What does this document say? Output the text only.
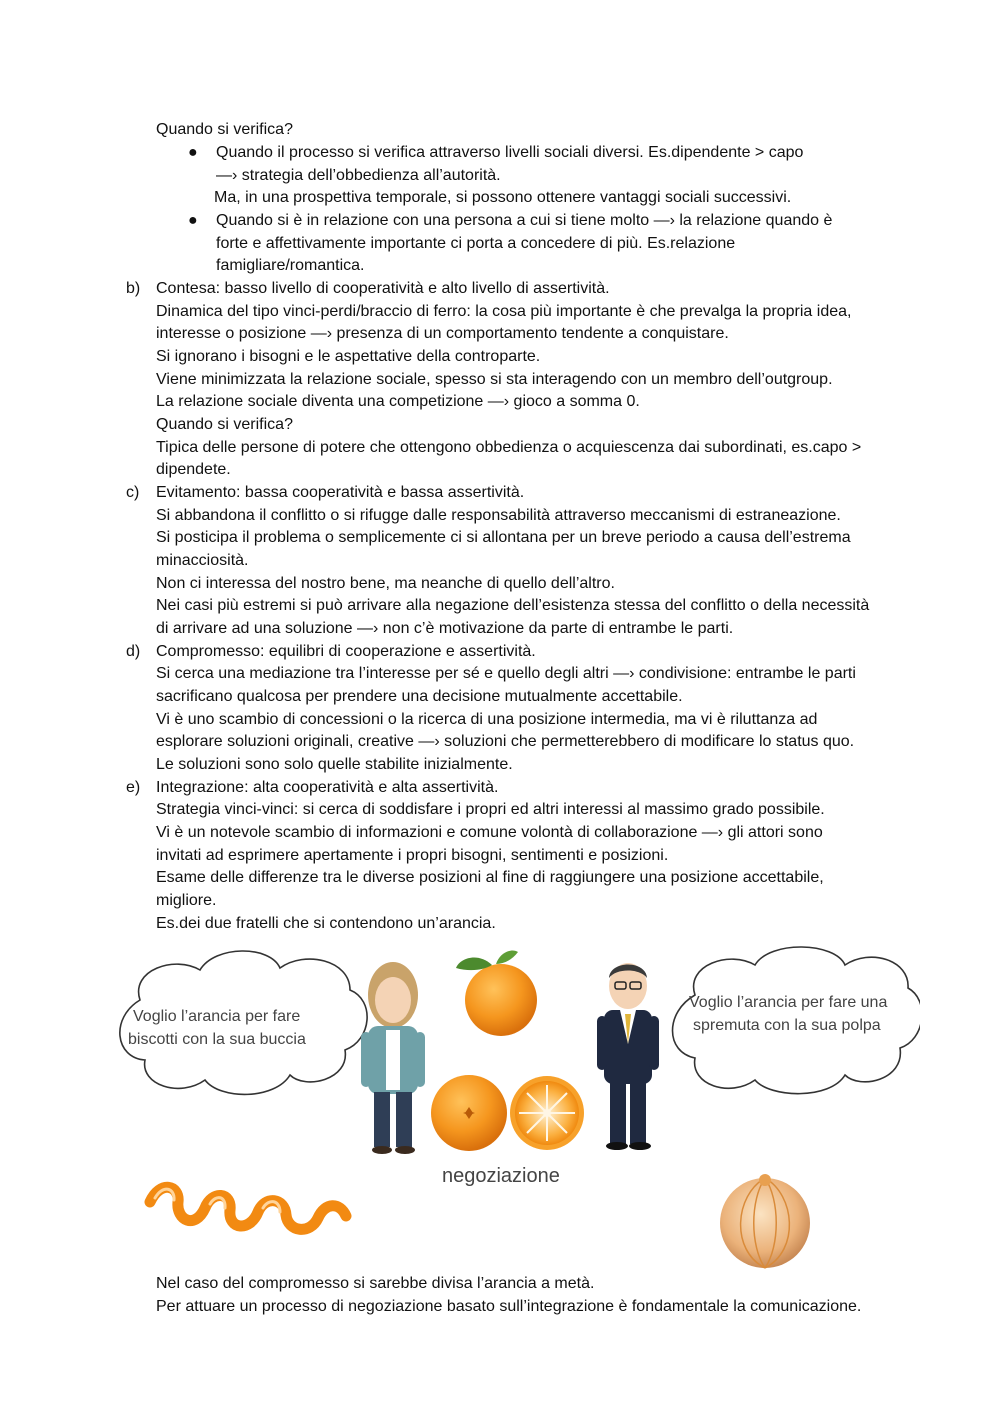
Quando si verifica?
● Quando il processo si verifica attraverso livelli sociali diversi. Es.dipendente > capo
—› strategia dell’obbedienza all’autorità.
Ma, in una prospettiva temporale, si possono ottenere vantaggi sociali successivi.
● Quando si è in relazione con una persona a cui si tiene molto —› la relazione quando è
forte e affettivamente importante ci porta a concedere di più. Es.relazione
famigliare/romantica.
b) Contesa: basso livello di cooperatività e alto livello di assertività.
Dinamica del tipo vinci-perdi/braccio di ferro: la cosa più importante è che prevalga la propria idea,
interesse o posizione —› presenza di un comportamento tendente a conquistare.
Si ignorano i bisogni e le aspettative della controparte.
Viene minimizzata la relazione sociale, spesso si sta interagendo con un membro dell’outgroup.
La relazione sociale diventa una competizione —› gioco a somma 0.
Quando si verifica?
Tipica delle persone di potere che ottengono obbedienza o acquiescenza dai subordinati, es.capo >
dipendete.
c) Evitamento: bassa cooperatività e bassa assertività.
Si abbandona il conflitto o si rifugge dalle responsabilità attraverso meccanismi di estraneazione.
Si posticipa il problema o semplicemente ci si allontana per un breve periodo a causa dell’estrema
minacciosità.
Non ci interessa del nostro bene, ma neanche di quello dell’altro.
Nei casi più estremi si può arrivare alla negazione dell’esistenza stessa del conflitto o della necessità
di arrivare ad una soluzione —› non c’è motivazione da parte di entrambe le parti.
d) Compromesso: equilibri di cooperazione e assertività.
Si cerca una mediazione tra l’interesse per sé e quello degli altri —› condivisione: entrambe le parti
sacrificano qualcosa per prendere una decisione mutualmente accettabile.
Vi è uno scambio di concessioni o la ricerca di una posizione intermedia, ma vi è riluttanza ad
esplorare soluzioni originali, creative —› soluzioni che permetterebbero di modificare lo status quo.
Le soluzioni sono solo quelle stabilite inizialmente.
e) Integrazione: alta cooperatività e alta assertività.
Strategia vinci-vinci: si cerca di soddisfare i propri ed altri interessi al massimo grado possibile.
Vi è un notevole scambio di informazioni e comune volontà di collaborazione —› gli attori sono
invitati ad esprimere apertamente i propri bisogni, sentimenti e posizioni.
Esame delle differenze tra le diverse posizioni al fine di raggiungere una posizione accettabile,
migliore.
Es.dei due fratelli che si contendono un’arancia.
Voglio l’arancia per fare
biscotti con la sua buccia
Voglio l’arancia per fare una
spremuta con la sua polpa
negoziazione
Nel caso del compromesso si sarebbe divisa l’arancia a metà.
Per attuare un processo di negoziazione basato sull’integrazione è fondamentale la comunicazione.
